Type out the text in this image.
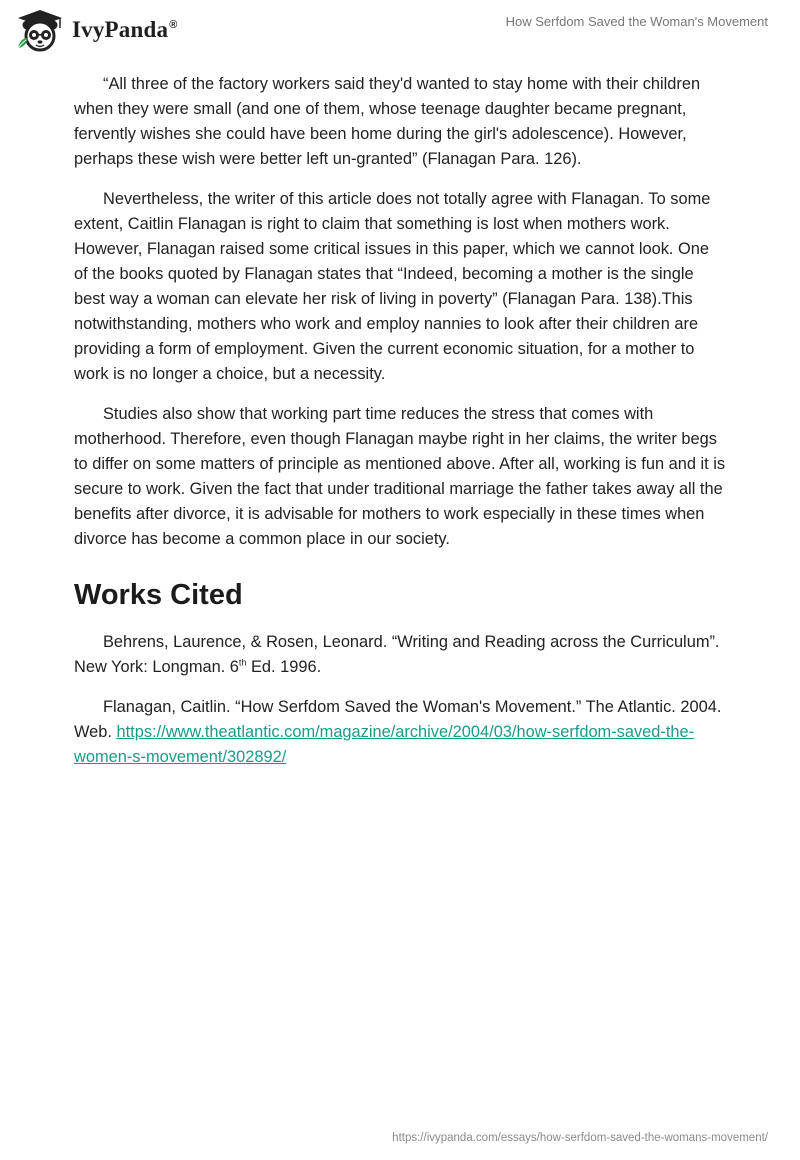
IvyPanda®	How Serfdom Saved the Woman's Movement

“All three of the factory workers said they'd wanted to stay home with their children when they were small (and one of them, whose teenage daughter became pregnant, fervently wishes she could have been home during the girl's adolescence). However, perhaps these wish were better left un-granted” (Flanagan Para. 126).

Nevertheless, the writer of this article does not totally agree with Flanagan. To some extent, Caitlin Flanagan is right to claim that something is lost when mothers work. However, Flanagan raised some critical issues in this paper, which we cannot look. One of the books quoted by Flanagan states that “Indeed, becoming a mother is the single best way a woman can elevate her risk of living in poverty” (Flanagan Para. 138).This notwithstanding, mothers who work and employ nannies to look after their children are providing a form of employment. Given the current economic situation, for a mother to work is no longer a choice, but a necessity.

Studies also show that working part time reduces the stress that comes with motherhood. Therefore, even though Flanagan maybe right in her claims, the writer begs to differ on some matters of principle as mentioned above. After all, working is fun and it is secure to work. Given the fact that under traditional marriage the father takes away all the benefits after divorce, it is advisable for mothers to work especially in these times when divorce has become a common place in our society.

Works Cited

Behrens, Laurence, & Rosen, Leonard. “Writing and Reading across the Curriculum”. New York: Longman. 6th Ed. 1996.

Flanagan, Caitlin. “How Serfdom Saved the Woman's Movement.” The Atlantic. 2004. Web. https://www.theatlantic.com/magazine/archive/2004/03/how-serfdom-saved-the-women-s-movement/302892/

https://ivypanda.com/essays/how-serfdom-saved-the-womans-movement/
